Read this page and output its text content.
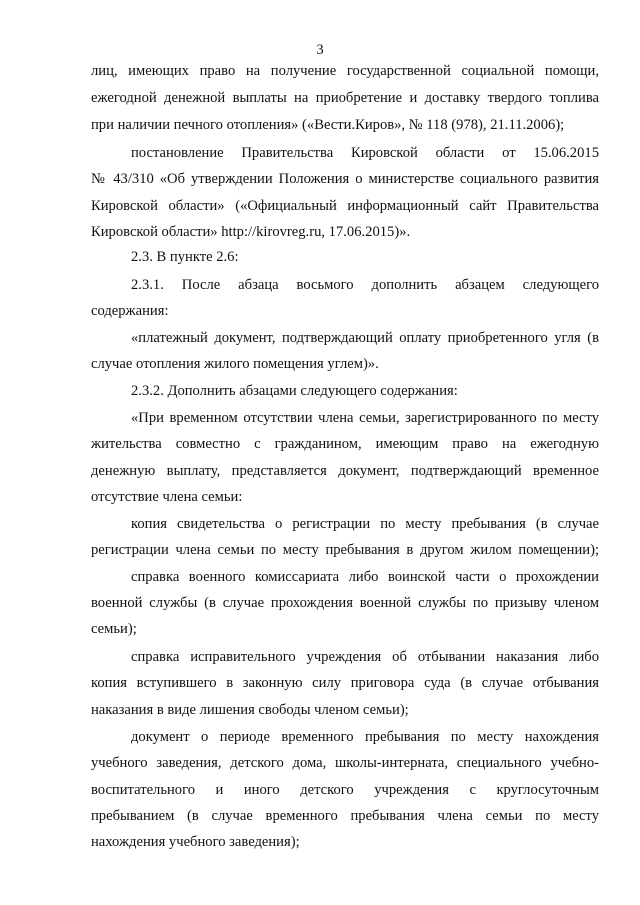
3
лиц, имеющих право на получение государственной социальной помощи,
ежегодной денежной выплаты на приобретение и доставку твердого топлива
при наличии печного отопления» («Вести.Киров», № 118 (978), 21.11.2006);
постановление Правительства Кировской области от 15.06.2015
№ 43/310 «Об утверждении Положения о министерстве социального развития
Кировской области» («Официальный информационный сайт Правительства
Кировской области» http://kirovreg.ru, 17.06.2015)».
2.3. В пункте 2.6:
2.3.1. После абзаца восьмого дополнить абзацем следующего
содержания:
«платежный документ, подтверждающий оплату приобретенного угля (в
случае отопления жилого помещения углем)».
2.3.2. Дополнить абзацами следующего содержания:
«При временном отсутствии члена семьи, зарегистрированного по месту
жительства совместно с гражданином, имеющим право на ежегодную
денежную выплату, представляется документ, подтверждающий временное
отсутствие члена семьи:
копия свидетельства о регистрации по месту пребывания (в случае
регистрации члена семьи по месту пребывания в другом жилом помещении);
справка военного комиссариата либо воинской части о прохождении
военной службы (в случае прохождения военной службы по призыву членом
семьи);
справка исправительного учреждения об отбывании наказания либо
копия вступившего в законную силу приговора суда (в случае отбывания
наказания в виде лишения свободы членом семьи);
документ о периоде временного пребывания по месту нахождения
учебного заведения, детского дома, школы-интерната, специального учебно-
воспитательного и иного детского учреждения с круглосуточным
пребыванием (в случае временного пребывания члена семьи по месту
нахождения учебного заведения);
